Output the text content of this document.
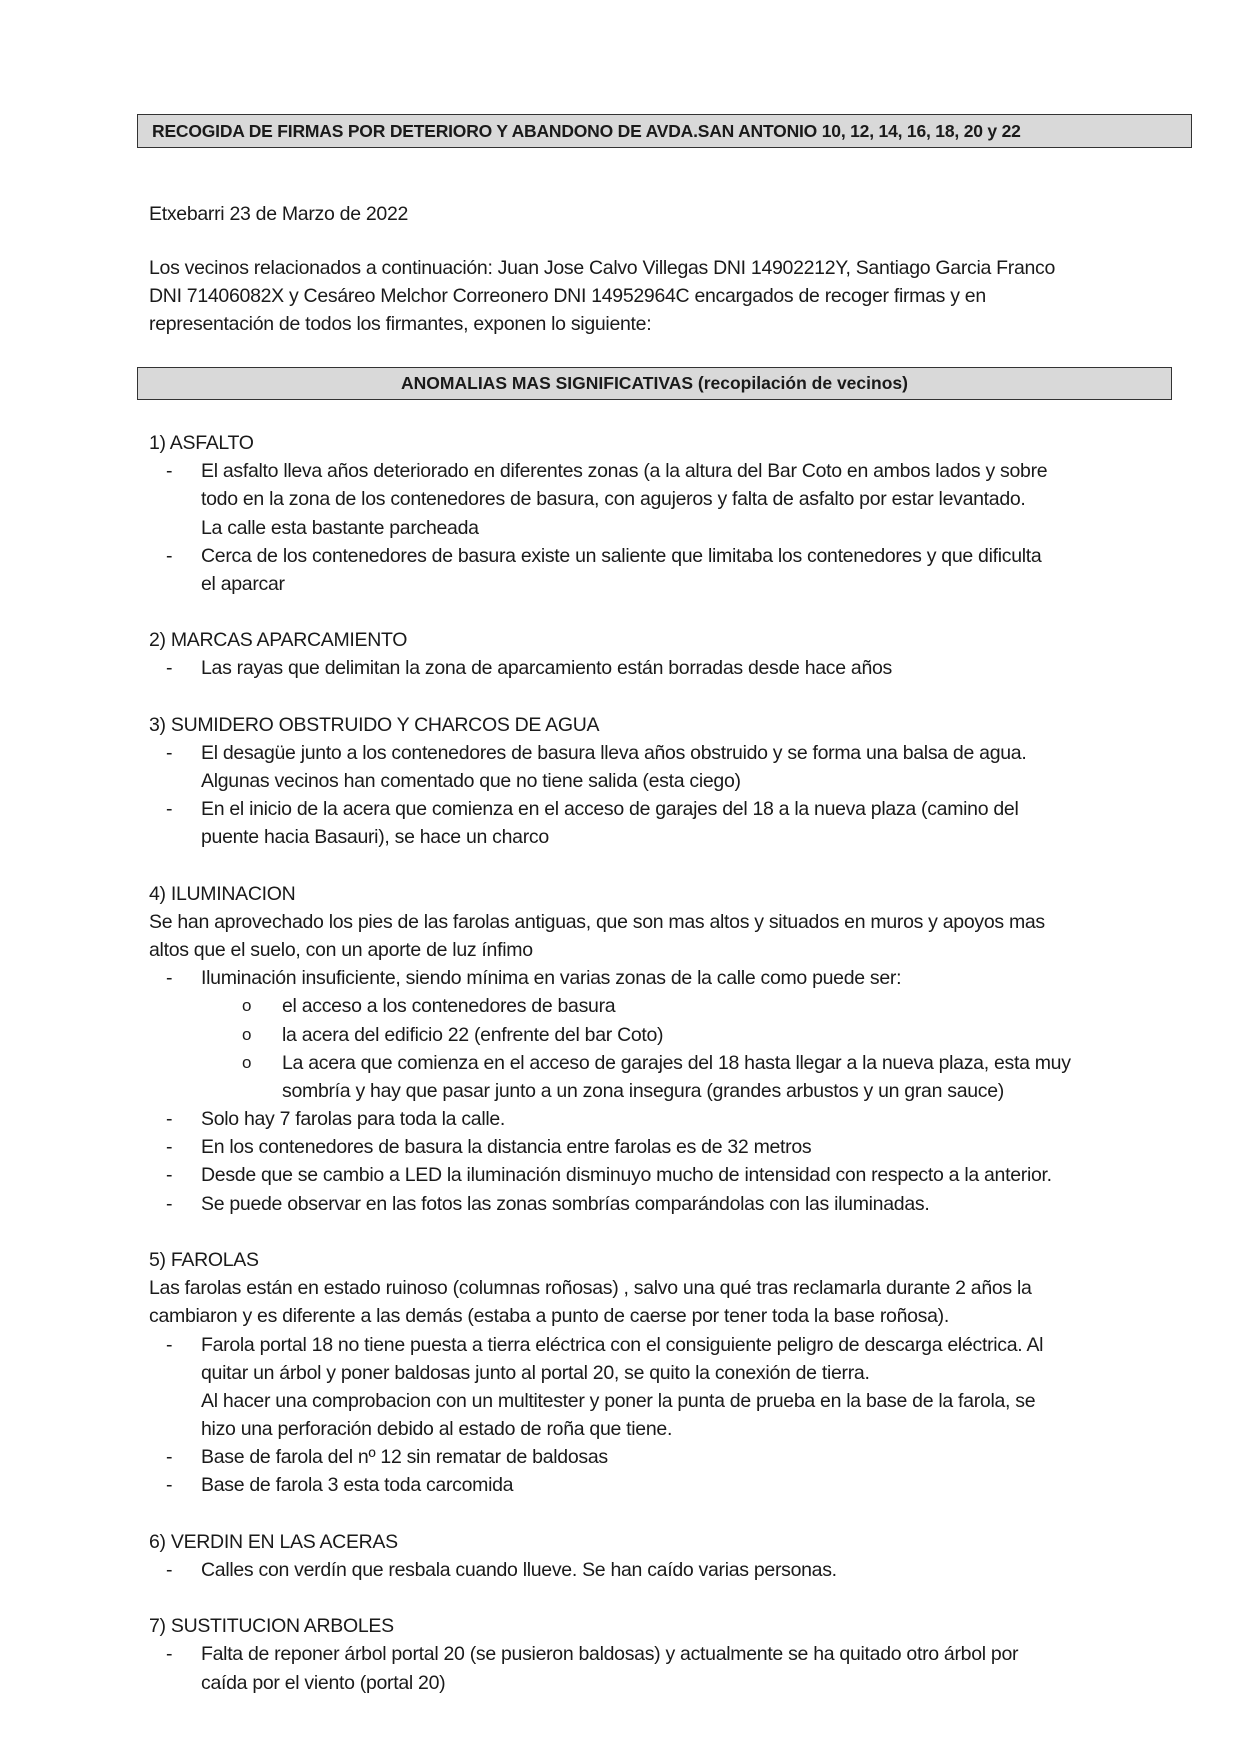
RECOGIDA DE FIRMAS POR DETERIORO Y ABANDONO DE AVDA.SAN ANTONIO 10, 12, 14, 16, 18, 20 y 22
Etxebarri 23 de Marzo de 2022
Los vecinos relacionados a continuación: Juan Jose Calvo Villegas DNI 14902212Y, Santiago Garcia Franco
DNI 71406082X y Cesáreo Melchor Correonero DNI 14952964C encargados de recoger firmas y en
representación de todos los firmantes, exponen lo siguiente:
ANOMALIAS MAS SIGNIFICATIVAS (recopilación de vecinos)
1) ASFALTO
- El asfalto lleva años deteriorado en diferentes zonas (a la altura del Bar Coto en ambos lados y sobre
todo en la zona de los contenedores de basura, con agujeros y falta de asfalto por estar levantado.
La calle esta bastante parcheada
- Cerca de los contenedores de basura existe un saliente que limitaba los contenedores y que dificulta
el aparcar
2) MARCAS APARCAMIENTO
- Las rayas que delimitan la zona de aparcamiento están borradas desde hace años
3) SUMIDERO OBSTRUIDO Y CHARCOS DE AGUA
- El desagüe junto a los contenedores de basura lleva años obstruido y se forma una balsa de agua.
Algunas vecinos han comentado que no tiene salida (esta ciego)
- En el inicio de la acera que comienza en el acceso de garajes del 18 a la nueva plaza (camino del
puente hacia Basauri), se hace un charco
4) ILUMINACION
Se han aprovechado los pies de las farolas antiguas, que son mas altos y situados en muros y apoyos mas
altos que el suelo, con un aporte de luz ínfimo
- Iluminación insuficiente, siendo mínima en varias zonas de la calle como puede ser:
o el acceso a los contenedores de basura
o la acera del edificio 22 (enfrente del bar Coto)
o La acera que comienza en el acceso de garajes del 18 hasta llegar a la nueva plaza, esta muy
sombría y hay que pasar junto a un zona insegura (grandes arbustos y un gran sauce)
- Solo hay 7 farolas para toda la calle.
- En los contenedores de basura la distancia entre farolas es de 32 metros
- Desde que se cambio a LED la iluminación disminuyo mucho de intensidad con respecto a la anterior.
- Se puede observar en las fotos las zonas sombrías comparándolas con las iluminadas.
5) FAROLAS
Las farolas están en estado ruinoso (columnas roñosas) , salvo una qué tras reclamarla durante 2 años la
cambiaron y es diferente a las demás (estaba a punto de caerse por tener toda la base roñosa).
- Farola portal 18 no tiene puesta a tierra eléctrica con el consiguiente peligro de descarga eléctrica. Al
quitar un árbol y poner baldosas junto al portal 20, se quito la conexión de tierra.
Al hacer una comprobacion con un multitester y poner la punta de prueba en la base de la farola, se
hizo una perforación debido al estado de roña que tiene.
- Base de farola del nº 12 sin rematar de baldosas
- Base de farola 3 esta toda carcomida
6) VERDIN EN LAS ACERAS
- Calles con verdín que resbala cuando llueve. Se han caído varias personas.
7) SUSTITUCION ARBOLES
- Falta de reponer árbol portal 20 (se pusieron baldosas) y actualmente se ha quitado otro árbol por
caída por el viento (portal 20)
